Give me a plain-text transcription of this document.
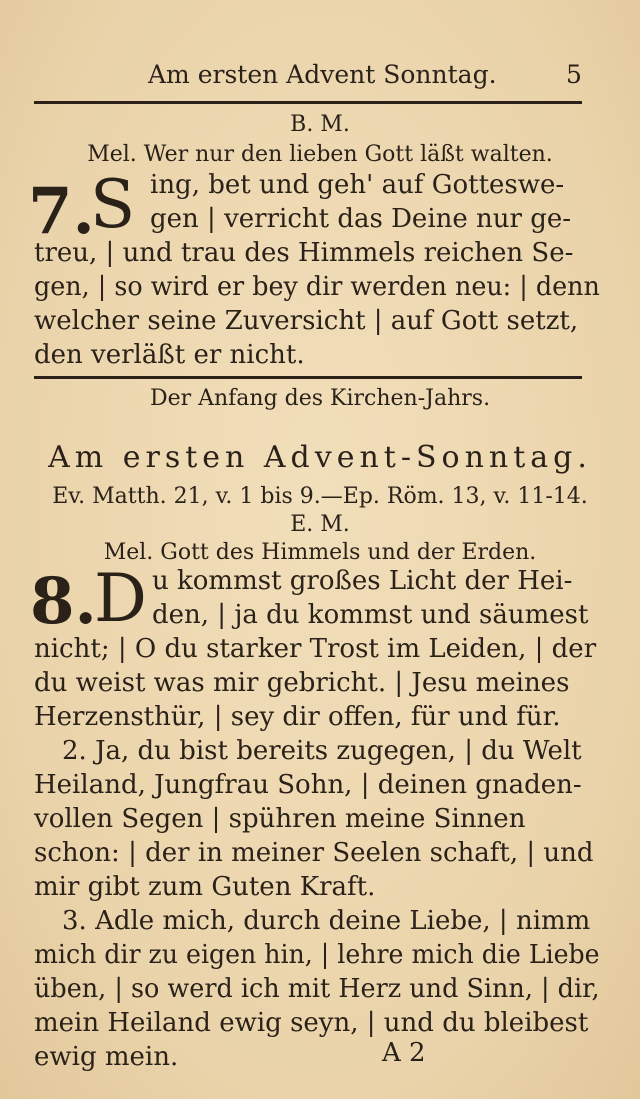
Am ersten Advent Sonntag.	5
B. M.
Mel. Wer nur den lieben Gott läßt walten.
7.
S ing, bet und geh' auf Gotteswe-
gen | verricht das Deine nur ge-
treu, | und trau des Himmels reichen Se-
gen, | so wird er bey dir werden neu: | denn
welcher seine Zuversicht | auf Gott setzt,
den verläßt er nicht.
Der Anfang des Kirchen-Jahrs.
Am ersten Advent-Sonntag.
Ev. Matth. 21, v. 1 bis 9.—Ep. Röm. 13, v. 11-14.
E. M.
Mel. Gott des Himmels und der Erden.
8.
D u kommst großes Licht der Hei-
den, | ja du kommst und säumest
nicht; | O du starker Trost im Leiden, | der
du weist was mir gebricht. | Jesu meines
Herzensthür, | sey dir offen, für und für.
2. Ja, du bist bereits zugegen, | du Welt
Heiland, Jungfrau Sohn, | deinen gnaden-
vollen Segen | spühren meine Sinnen
schon: | der in meiner Seelen schaft, | und
mir gibt zum Guten Kraft.
3. Adle mich, durch deine Liebe, | nimm
mich dir zu eigen hin, | lehre mich die Liebe
üben, | so werd ich mit Herz und Sinn, | dir,
mein Heiland ewig seyn, | und du bleibest
ewig mein.	A 2
